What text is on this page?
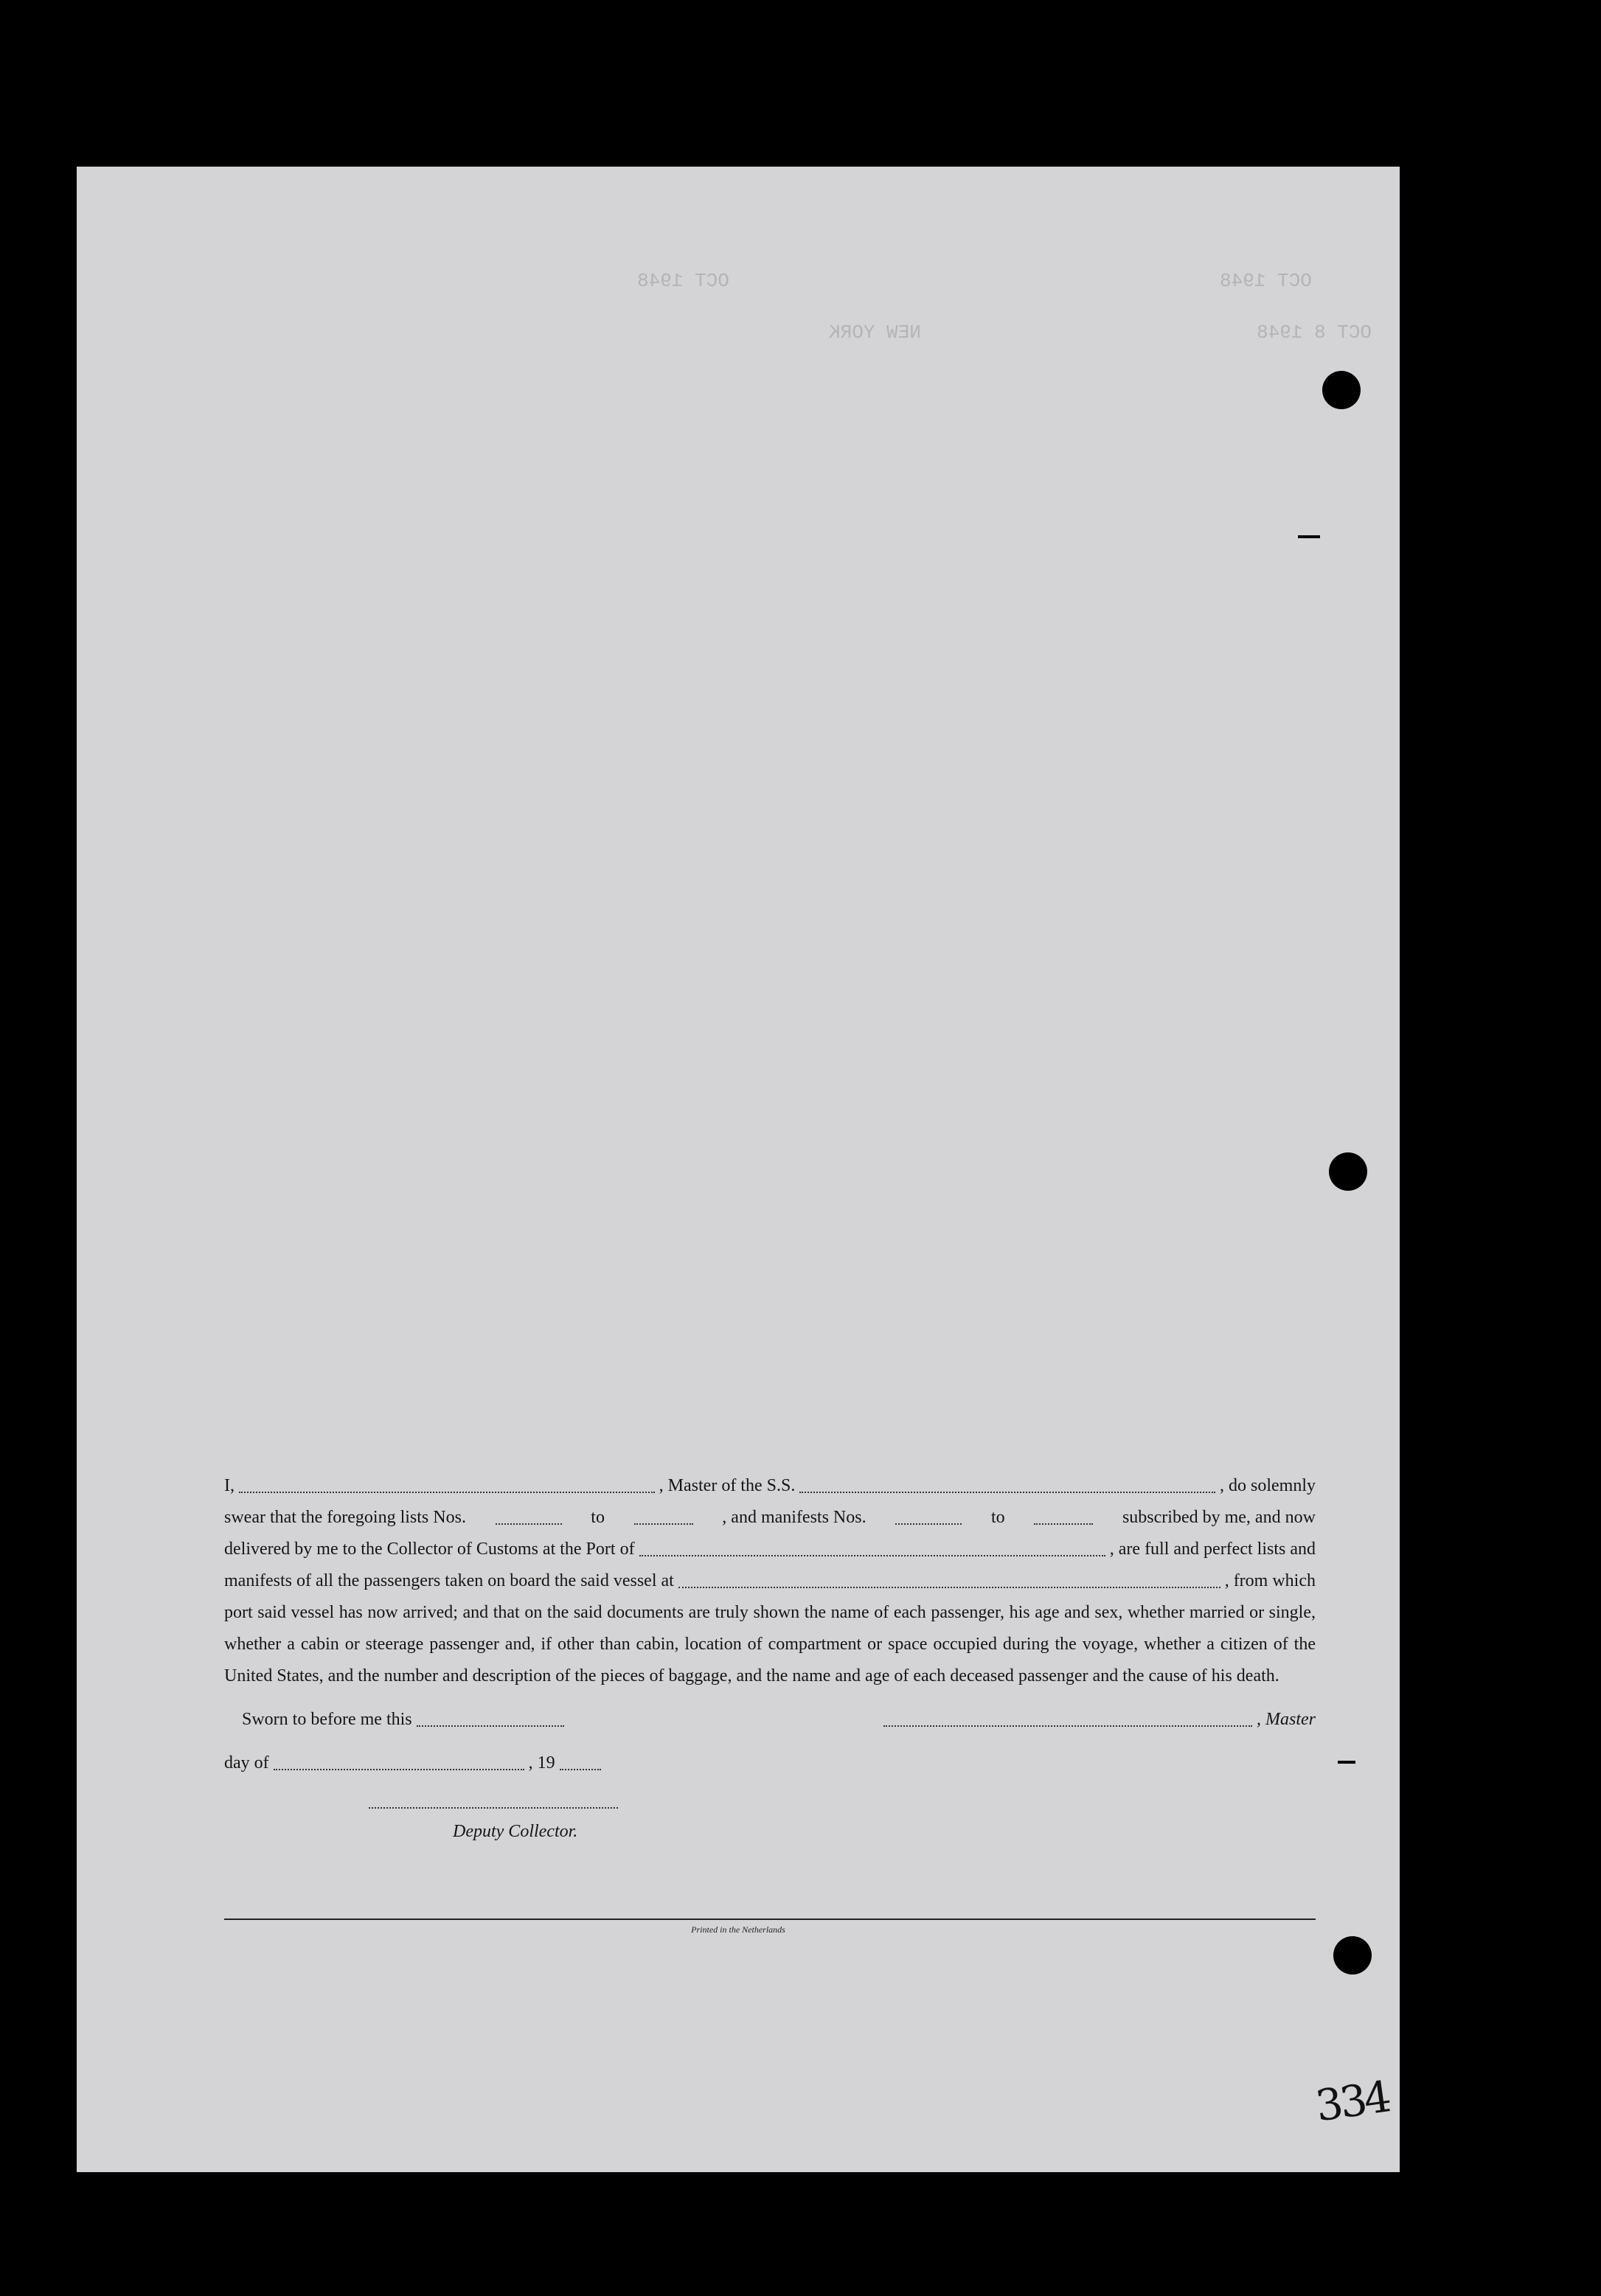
OCT 1948
OCT 1948
OCT 8 1948
NEW YORK
I,	, Master of the S.S.	, do solemnly
swear that the foregoing lists Nos.	to	, and manifests Nos.	to	subscribed by me, and now
delivered by me to the Collector of Customs at the Port of	, are full and perfect lists and
manifests of all the passengers taken on board the said vessel at	, from which
port said vessel has now arrived; and that on the said documents are truly shown the name of each passenger, his age and sex, whether married or single, whether a cabin or steerage passenger and, if other than cabin, location of compartment or space occupied during the voyage, whether a citizen of the United States, and the number and description of the pieces of baggage, and the name and age of each deceased passenger and the cause of his death.
Sworn to before me this	, Master
day of	, 19
Deputy Collector.
Printed in the Netherlands
334
